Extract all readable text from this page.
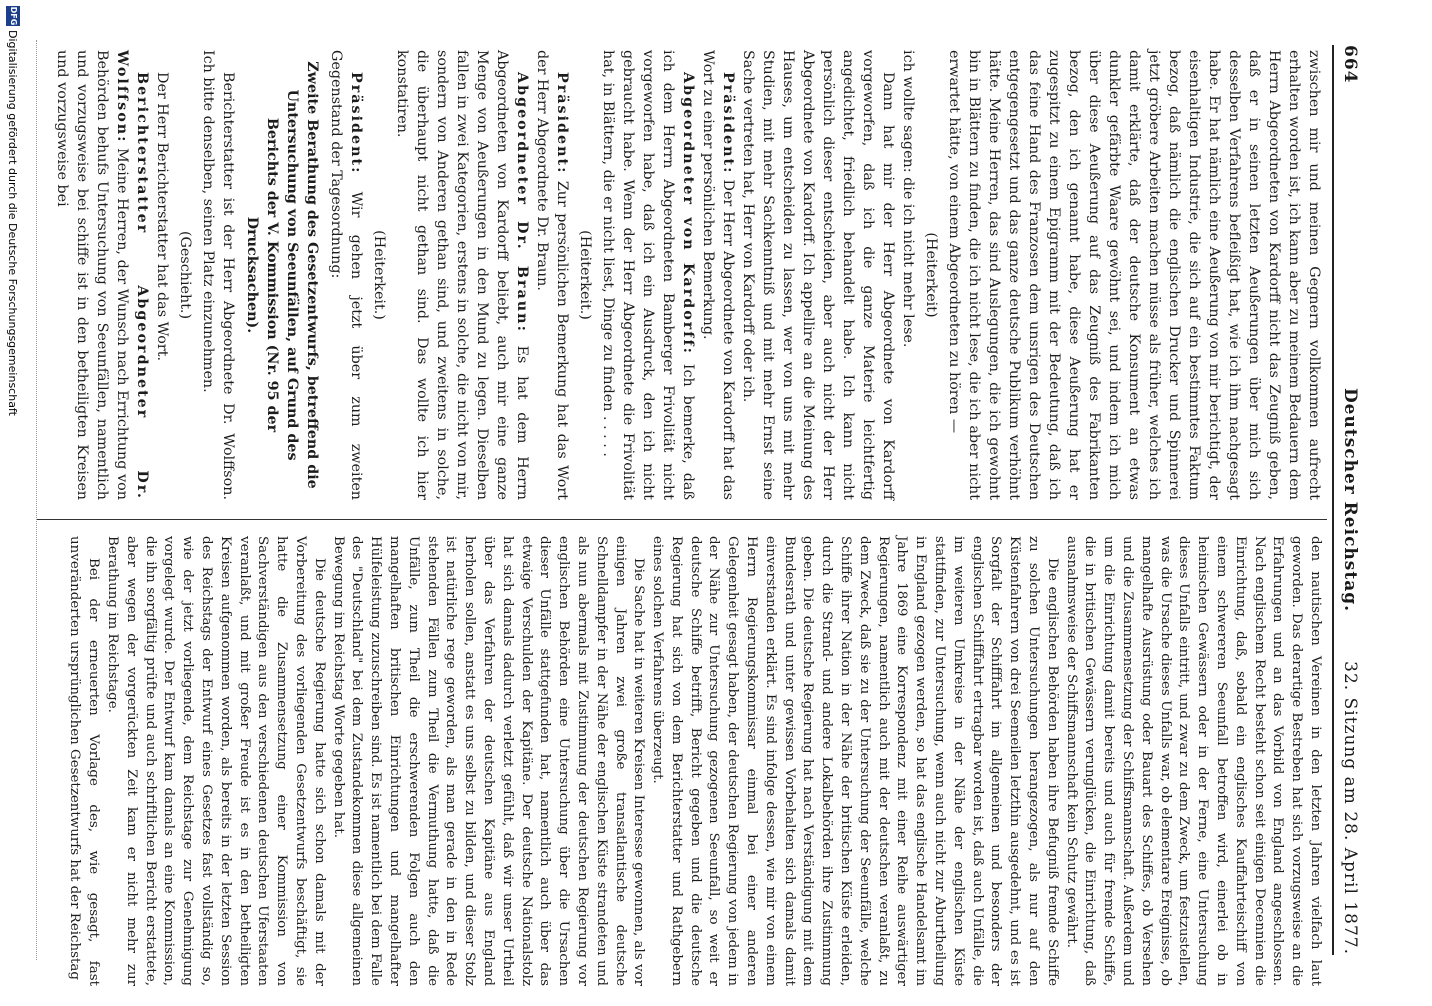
664
Deutscher Reichstag.
32. Sitzung am 28. April 1877.

zwischen mir und meinen Gegnern vollkommen aufrecht erhalten worden ist, ich kann aber zu meinem Bedauern dem Herrn Abgeordneten von Kardorff nicht das Zeugniß geben, daß er in seinen letzten Aeußerungen über mich sich desselben Verfahrens befleißigt hat, wie ich ihm nachgesagt habe. Er hat nämlich eine Aeußerung von mir berichtigt, der eisenhaltigen Industrie, die sich auf ein bestimmtes Faktum bezog, daß nämlich die englischen Drucker und Spinnerei jetzt gröbere Arbeiten machen müsse als früher, welches ich damit erklärte, daß der deutsche Konsument an etwas dunkler gefärbte Waare gewöhnt sei, und indem ich mich über diese Aeußerung auf das Zeugniß des Fabrikanten bezog, den ich genannt habe, diese Aeußerung hat er zugespitzt zu einem Epigramm mit der Bedeutung, daß ich das feine Hand des Franzosen dem unsrigen des Deutschen entgegengesetzt und das ganze deutsche Publikum verhöhnt hätte. Meine Herren, das sind Auslegungen, die ich gewohnt bin in Blättern zu finden, die ich nicht lese, die ich aber nicht erwartet hätte, von einem Abgeordneten zu hören —

(Heiterkeit)

ich wollte sagen: die ich nicht mehr lese.

Dann hat mir der Herr Abgeordnete von Kardorff vorgeworfen, daß ich die ganze Materie leichtfertig angedichtet, friedlich behandelt habe. Ich kann nicht persönlich dieser entscheiden, aber auch nicht der Herr Abgeordnete von Kardorff. Ich appellire an die Meinung des Hauses, um entscheiden zu lassen, wer von uns mit mehr Studien, mit mehr Sachkenntniß und mit mehr Ernst seine Sache vertreten hat, Herr von Kardorff oder ich.

Präsident: Der Herr Abgeordnete von Kardorff hat das Wort zu einer persönlichen Bemerkung.

Abgeordneter von Kardorff: Ich bemerke, daß ich dem Herrn Abgeordneten Bamberger Frivolität nicht vorgeworfen habe, daß ich ein Ausdruck, den ich nicht gebraucht habe. Wenn der Herr Abgeordnete die Frivolität hat, in Blättern, die er nicht liest, Dinge zu finden . . . . .

(Heiterkeit.)

Präsident: Zur persönlichen Bemerkung hat das Wort der Herr Abgeordnete Dr. Braun.

Abgeordneter Dr. Braun: Es hat dem Herrn Abgeordneten von Kardorff beliebt, auch mir eine ganze Menge von Aeußerungen in den Mund zu legen. Dieselben fallen in zwei Kategorien, erstens in solche, die nicht von mir, sondern von Anderen gethan sind, und zweitens in solche, die überhaupt nicht gethan sind. Das wollte ich hier konstatiren.

(Heiterkeit.)

Präsident: Wir gehen jetzt über zum zweiten Gegenstand der Tagesordnung:

Zweite Berathung des Gesetzentwurfs, betreffend die Untersuchung von Seeunfällen, auf Grund des Berichts der V. Kommission (Nr. 95 der Drucksachen).

Berichterstatter ist der Herr Abgeordnete Dr. Wolffson. Ich bitte denselben, seinen Platz einzunehmen.

(Geschieht.)

Der Herr Berichterstatter hat das Wort.

Berichterstatter Abgeordneter Dr. Wolffson: Meine Herren, der Wunsch nach Errichtung von Behörden behufs Untersuchung von Seeunfällen, namentlich und vorzugsweise bei schiffe ist in den betheiligten Kreisen und vorzugsweise bei

den nautischen Vereinen in den letzten Jahren vielfach laut geworden. Das derartige Bestreben hat sich vorzugsweise an die Erfahrungen und an das Vorbild von England angeschlossen. Nach englischem Recht besteht schon seit einigen Decennien die Einrichtung, daß, sobald ein englisches Kauffahrteischiff von einem schwereren Seeunfall betroffen wird, einerlei ob in heimischen Gewässern oder in der Ferne, eine Untersuchung dieses Unfalls eintritt, und zwar zu dem Zweck, um festzustellen, was die Ursache dieses Unfalls war, ob elementare Ereignisse, ob mangelhafte Ausrüstung oder Bauart des Schiffes, ob Versehen und die Zusammensetzung der Schiffsmannschaft. Außerdem und um die Einrichtung damit bereits und auch für fremde Schiffe, die in britischen Gewässern verunglücken, die Einrichtung, daß ausnahmsweise der Schiffsmannschaft kein Schutz gewährt.

Die englischen Behörden haben ihre Befugniß fremde Schiffe zu solchen Untersuchungen herangezogen, als nur auf den Küstenfahrern von drei Seemeilen letzthin ausgedehnt, und es ist Sorgfalt der Schifffahrt im allgemeinen und besonders der englischen Schifffahrt ertragbar worden ist, daß auch Unfälle, die im weiteren Umkreise in der Nähe der englischen Küste stattfinden, zur Untersuchung, wenn auch nicht zur Aburtheilung in England gezogen werden, so hat das englische Handelsamt im Jahre 1869 eine Korrespondenz mit einer Reihe auswärtiger Regierungen, namentlich auch mit der deutschen veranlaßt, zu dem Zweck, daß sie zu der Untersuchung der Seeunfälle, welche Schiffe ihrer Nation in der Nähe der britischen Küste erleiden, durch die Strand- und andere Lokalbehörden ihre Zustimmung geben. Die deutsche Regierung hat nach Verständigung mit dem Bundesrath und unter gewissen Vorbehalten sich damals damit einverstanden erklärt. Es sind infolge dessen, wie mir von einem Herrn Regierungskommissar einmal bei einer anderen Gelegenheit gesagt haben, der deutschen Regierung von jedem in der Nähe zur Untersuchung gezogenen Seeunfall, so weit er deutsche Schiffe betrifft, Bericht gegeben und die deutsche Regierung hat sich von dem Berichterstatter und Rathgebern eines solchen Verfahrens überzeugt.

Die Sache hat in weiteren Kreisen Interesse gewonnen, als vor einigen Jahren zwei große transatlantische deutsche Schnelldampfer in der Nähe der englischen Küste strandeten und als nun abermals mit Zustimmung der deutschen Regierung vor englischen Behörden eine Untersuchung über die Ursachen dieser Unfälle stattgefunden hat, namentlich auch über das etwaige Verschulden der Kapitäne. Der deutsche Nationalstolz hat sich damals dadurch verletzt gefühlt, daß wir unser Urtheil über das Verfahren der deutschen Kapitäne aus England herholen sollen, anstatt es uns selbst zu bilden, und dieser Stolz ist natürliche rege geworden, als man gerade in den in Rede stehenden Fällen zum Theil die Vermuthung hatte, daß die Unfälle, zum Theil die erschwerenden Folgen auch den mangelhaften britischen Einrichtungen und mangelhafter Hülfeleistung zuzuschreiben sind. Es ist namentlich bei dem Falle des "Deutschland" bei dem Zustandekommen diese allgemeinen Bewegung im Reichstag Worte gegeben hat.

Die deutsche Regierung hatte sich schon damals mit der Vorbereitung des vorliegenden Gesetzentwurfs beschäftigt, sie hatte die Zusammensetzung einer Kommission von Sachverständigen aus den verschiedenen deutschen Uferstaaten veranlaßt, und mit großer Freude ist es in den betheiligten Kreisen aufgenommen worden, als bereits in der letzten Session des Reichstags der Entwurf eines Gesetzes fast vollständig so, wie der jetzt vorliegende, dem Reichstage zur Genehmigung vorgelegt wurde. Der Entwurf kam damals an eine Kommission, die ihn sorgfältig prüfte und auch schriftlichen Bericht erstattete, aber wegen der vorgerückten Zeit kam er nicht mehr zur Berathung im Reichstage.

Bei der erneuerten Vorlage des, wie gesagt, fast unveränderten ursprünglichen Gesetzentwurfs hat der Reichstag

DFG
Digitalisierung gefördert durch die Deutsche Forschungsgemeinschaft
